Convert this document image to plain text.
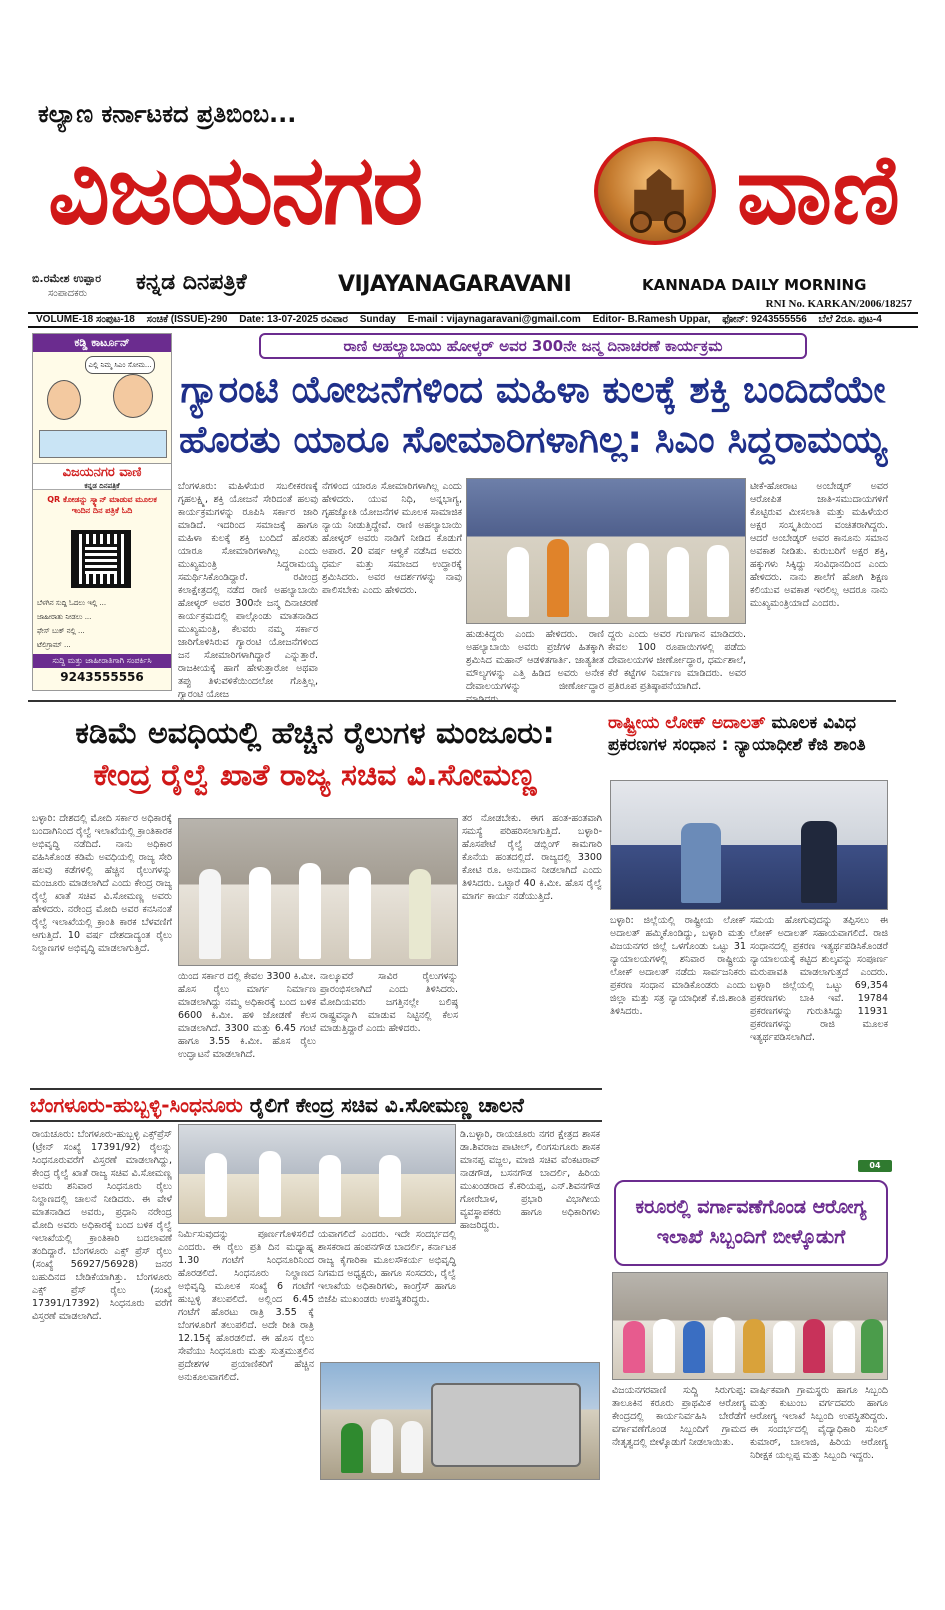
ಕಲ್ಯಾಣ ಕರ್ನಾಟಕದ ಪ್ರತಿಬಿಂಬ...
ವಿಜಯನಗರ	ವಾಣಿ
ಬಿ.ರಮೇಶ ಉಪ್ಪಾರ
ಸಂಪಾದಕರು ಕನ್ನಡ ದಿನಪತ್ರಿಕೆ	VIJAYANAGARAVANI	KANNADA DAILY MORNING
RNI No. KARKAN/2006/18257
VOLUME-18 ಸಂಪುಟ-18 ಸಂಚಿಕೆ (ISSUE)-290 Date: 13-07-2025 ರವಿವಾರ Sunday E-mail : vijaynagaravani@gmail.com Editor- B.Ramesh Uppar, ಫೋನ್: 9243555556 ಬೆಲೆ 2ರೂ. ಪುಟ-4
ಕಡ್ಡಿ ಕಾರ್ಟೂನ್
ಎಲ್ಲಿ ನಿಮ್ಮ ಸಿಎಂ ಸೋಮ...
ವಿಜಯನಗರ ವಾಣಿ
ಕನ್ನಡ ದಿನಪತ್ರಿಕೆ
QR ಕೋಡನ್ನು ಸ್ಕ್ಯಾನ್ ಮಾಡುವ ಮೂಲಕ ಇಂದಿನ ದಿನ ಪತ್ರಿಕೆ ಓದಿ
ಬೆಳಗಿನ ಸುದ್ದಿ ಓದಲು ಇಲ್ಲಿ ...
ಜಾಹೀರಾತು ನೀಡಲು ...
ಫೇಸ್ ಬುಕ್ ನಲ್ಲಿ ...
ಟೆಲಿಗ್ರಾಮ್ ...
ಸುದ್ದಿ ಮತ್ತು ಜಾಹೀರಾತಿಗಾಗಿ ಸಂಪರ್ಕಿಸಿ
9243555556
ರಾಣಿ ಅಹಲ್ಯಾಬಾಯಿ ಹೋಳ್ಕರ್ ಅವರ 300ನೇ ಜನ್ಮ ದಿನಾಚರಣೆ ಕಾರ್ಯಕ್ರಮ
ಗ್ಯಾರಂಟಿ ಯೋಜನೆಗಳಿಂದ ಮಹಿಳಾ ಕುಲಕ್ಕೆ ಶಕ್ತಿ ಬಂದಿದೆಯೇ
ಹೊರತು ಯಾರೂ ಸೋಮಾರಿಗಳಾಗಿಲ್ಲ: ಸಿಎಂ ಸಿದ್ದರಾಮಯ್ಯ
ಬೆಂಗಳೂರು: ಮಹಿಳೆಯರ ಸಬಲೀಕರಣಕ್ಕೆ ಗೃಹಲಕ್ಷ್ಮಿ, ಶಕ್ತಿ ಯೋಜನೆ ಸೇರಿದಂತೆ ಹಲವು ಕಾರ್ಯಕ್ರಮಗಳನ್ನು ರೂಪಿಸಿ ಸರ್ಕಾರ ಜಾರಿ ಮಾಡಿದೆ. ಇದರಿಂದ ಸಮಾಜಕ್ಕೆ ಹಾಗೂ ಮಹಿಳಾ ಕುಲಕ್ಕೆ ಶಕ್ತಿ ಬಂದಿದೆ ಹೊರತು ಯಾರೂ ಸೋಮಾರಿಗಳಾಗಿಲ್ಲ ಎಂದು ಮುಖ್ಯಮಂತ್ರಿ ಸಿದ್ದರಾಮಯ್ಯ ಸಮರ್ಥಿಸಿಕೊಂಡಿದ್ದಾರೆ. ರವೀಂದ್ರ ಕಲಾಕ್ಷೇತ್ರದಲ್ಲಿ ನಡೆದ ರಾಣಿ ಅಹಲ್ಯಾಬಾಯಿ ಹೋಳ್ಕರ್ ಅವರ 300ನೇ ಜನ್ಮ ದಿನಾಚರಣೆ ಕಾರ್ಯಕ್ರಮದಲ್ಲಿ ಪಾಲ್ಗೊಂಡು ಮಾತನಾಡಿದ ಮುಖ್ಯಮಂತ್ರಿ, ಕೆಲವರು ನಮ್ಮ ಸರ್ಕಾರ ಜಾರಿಗೊಳಿಸಿರುವ ಗ್ಯಾರಂಟಿ ಯೋಜನೆಗಳಿಂದ ಜನ ಸೋಮಾರಿಗಳಾಗಿದ್ದಾರೆ ಎನ್ನುತ್ತಾರೆ. ರಾಜಕೀಯಕ್ಕೆ ಹಾಗೆ ಹೇಳುತ್ತಾರೋ ಅಥವಾ ತಪ್ಪು ತಿಳುವಳಿಕೆಯಿಂದಲೋ ಗೊತ್ತಿಲ್ಲ, ಗ್ಯಾರಂಟಿ ಯೋಜ
ನೆಗಳಿಂದ ಯಾರೂ ಸೋಮಾರಿಗಳಾಗಿಲ್ಲ ಎಂದು ಹೇಳಿದರು. ಯುವ ನಿಧಿ, ಅನ್ನಭಾಗ್ಯ, ಗೃಹಜ್ಯೋತಿ ಯೋಜನೆಗಳ ಮೂಲಕ ಸಾಮಾಜಿಕ ನ್ಯಾಯ ನೀಡುತ್ತಿದ್ದೇವೆ. ರಾಣಿ ಅಹಲ್ಯಾಬಾಯಿ ಹೋಳ್ಕರ್ ಅವರು ನಾಡಿಗೆ ನೀಡಿದ ಕೊಡುಗೆ ಅಪಾರ. 20 ವರ್ಷ ಆಳ್ವಿಕೆ ನಡೆಸಿದ ಅವರು ಧರ್ಮ ಮತ್ತು ಸಮಾಜದ ಉದ್ಧಾರಕ್ಕೆ ಶ್ರಮಿಸಿದರು. ಅವರ ಆದರ್ಶಗಳನ್ನು ನಾವು ಪಾಲಿಸಬೇಕು ಎಂದು ಹೇಳಿದರು.
ಹುಡುಕಿದ್ದರು ಎಂದು ಹೇಳಿದರು. ರಾಣಿ ಅಹಲ್ಯಾಬಾಯಿ ಅವರು ಪ್ರಜೆಗಳ ಹಿತಕ್ಕಾಗಿ ಶ್ರಮಿಸಿದ ಮಹಾನ್ ಆಡಳಿತಗಾರ್ತಿ. ಜಾತ್ಯತೀತ ಮೌಲ್ಯಗಳನ್ನು ಎತ್ತಿ ಹಿಡಿದ ಅವರು ಅನೇಕ ದೇವಾಲಯಗಳನ್ನು ಜೀರ್ಣೋದ್ಧಾರ
ದ್ದರು ಎಂದು ಅವರ ಗುಣಗಾನ ಮಾಡಿದರು. ಕೇವಲ 100 ರೂಪಾಯಿಗಳಲ್ಲಿ ಪಡೆದು ದೇವಾಲಯಗಳ ಜೀರ್ಣೋದ್ಧಾರ, ಧರ್ಮಶಾಲೆ, ಕೆರೆ ಕಟ್ಟೆಗಳ ನಿರ್ಮಾಣ ಮಾಡಿದರು. ಅವರ ಪ್ರತಿರೂಪ ಪ್ರತಿಷ್ಠಾಪನೆಯಾಗಿದೆ.
ಟೀಕೆ-ಹೋರಾಟ ಅಂಬೇಡ್ಕರ್ ಅವರ ಆರೋಪಿತ ಜಾತಿ-ಸಮುದಾಯಗಳಿಗೆ ಕೊಟ್ಟಿರುವ ಮೀಸಲಾತಿ ಮತ್ತು ಮಹಿಳೆಯರ ಅಕ್ಷರ ಸಂಸ್ಕೃತಿಯಿಂದ ವಂಚಿತರಾಗಿದ್ದರು. ಆದರೆ ಅಂಬೇಡ್ಕರ್ ಅವರ ಕಾನೂನು ಸಮಾನ ಅವಕಾಶ ನೀಡಿತು. ಕುರುಬರಿಗೆ ಅಕ್ಷರ ಶಕ್ತಿ, ಹಕ್ಕುಗಳು ಸಿಕ್ಕಿದ್ದು ಸಂವಿಧಾನದಿಂದ ಎಂದು ಹೇಳಿದರು. ನಾನು ಶಾಲೆಗೆ ಹೋಗಿ ಶಿಕ್ಷಣ ಕಲಿಯುವ ಅವಕಾಶ ಇರಲಿಲ್ಲ ಆದರೂ ನಾನು ಮುಖ್ಯಮಂತ್ರಿಯಾದೆ ಎಂದರು.
ಕಡಿಮೆ ಅವಧಿಯಲ್ಲಿ ಹೆಚ್ಚಿನ ರೈಲುಗಳ ಮಂಜೂರು:
ಕೇಂದ್ರ ರೈಲ್ವೆ ಖಾತೆ ರಾಜ್ಯ ಸಚಿವ ವಿ.ಸೋಮಣ್ಣ
ಬಳ್ಳಾರಿ: ದೇಶದಲ್ಲಿ ಮೋದಿ ಸರ್ಕಾರ ಅಧಿಕಾರಕ್ಕೆ ಬಂದಾಗಿನಿಂದ ರೈಲ್ವೆ ಇಲಾಖೆಯಲ್ಲಿ ಕ್ರಾಂತಿಕಾರಕ ಅಭಿವೃದ್ಧಿ ನಡೆದಿದೆ. ನಾನು ಅಧಿಕಾರ ವಹಿಸಿಕೊಂಡ ಕಡಿಮೆ ಅವಧಿಯಲ್ಲಿ ರಾಜ್ಯ ಸೇರಿ ಹಲವು ಕಡೆಗಳಲ್ಲಿ ಹೆಚ್ಚಿನ ರೈಲುಗಳನ್ನು ಮಂಜೂರು ಮಾಡಲಾಗಿದೆ ಎಂದು ಕೇಂದ್ರ ರಾಜ್ಯ ರೈಲ್ವೆ ಖಾತೆ ಸಚಿವ ವಿ.ಸೋಮಣ್ಣ ಅವರು ಹೇಳಿದರು. ನರೇಂದ್ರ ಮೋದಿ ಅವರ ಕನಸಿನಂತೆ ರೈಲ್ವೆ ಇಲಾಖೆಯಲ್ಲಿ ಕ್ರಾಂತಿ ಕಾರಕ ಬೆಳವಣಿಗೆ ಆಗುತ್ತಿದೆ. 10 ವರ್ಷ ದೇಶದಾದ್ಯಂತ ರೈಲು ನಿಲ್ದಾಣಗಳ ಅಭಿವೃದ್ಧಿ ಮಾಡಲಾಗುತ್ತಿದೆ.
ಯಿಂದ ಸರ್ಕಾರ ದಲ್ಲಿ ಕೇವಲ 3300 ಕಿ.ಮೀ. ಹೊಸ ರೈಲು ಮಾರ್ಗ ನಿರ್ಮಾಣ ಮಾಡಲಾಗಿದ್ದು ನಮ್ಮ ಅಧಿಕಾರಕ್ಕೆ ಬಂದ ಬಳಿಕ 6600 ಕಿ.ಮೀ. ಹಳಿ ಜೋಡಣೆ ಕೆಲಸ ಮಾಡಲಾಗಿದೆ. 3300 ಮತ್ತು 6.45 ಗಂಟೆ ಹಾಗೂ 3.55 ಕಿ.ಮೀ. ಹೊಸ ರೈಲು ಉದ್ಘಾಟನೆ ಮಾಡಲಾಗಿದೆ.
ನಾಲ್ಕೂವರೆ ಸಾವಿರ ರೈಲುಗಳನ್ನು ಪ್ರಾರಂಭಿಸಲಾಗಿದೆ ಎಂದು ತಿಳಿಸಿದರು. ಮೋದಿಯವರು ಜಗತ್ತಿನಲ್ಲೇ ಬಲಿಷ್ಠ ರಾಷ್ಟ್ರವನ್ನಾಗಿ ಮಾಡುವ ನಿಟ್ಟಿನಲ್ಲಿ ಕೆಲಸ ಮಾಡುತ್ತಿದ್ದಾರೆ ಎಂದು ಹೇಳಿದರು.
ತರ ನೋಡಬೇಕು. ಈಗ ಹಂತ-ಹಂತವಾಗಿ ಸಮಸ್ಯೆ ಪರಿಹರಿಸಲಾಗುತ್ತಿದೆ. ಬಳ್ಳಾರಿ-ಹೊಸಪೇಟೆ ರೈಲ್ವೆ ಡಬ್ಲಿಂಗ್ ಕಾಮಗಾರಿ ಕೊನೆಯ ಹಂತದಲ್ಲಿದೆ. ರಾಜ್ಯದಲ್ಲಿ 3300 ಕೋಟಿ ರೂ. ಅನುದಾನ ನೀಡಲಾಗಿದೆ ಎಂದು ತಿಳಿಸಿದರು. ಒಟ್ಟಾರೆ 40 ಕಿ.ಮೀ. ಹೊಸ ರೈಲ್ವೆ ಮಾರ್ಗ ಕಾರ್ಯ ನಡೆಯುತ್ತಿದೆ.
ರಾಷ್ಟ್ರೀಯ ಲೋಕ್ ಅದಾಲತ್ ಮೂಲಕ ವಿವಿಧ ಪ್ರಕರಣಗಳ ಸಂಧಾನ : ನ್ಯಾಯಾಧೀಶೆ ಕೆಜಿ ಶಾಂತಿ
ಬಳ್ಳಾರಿ: ಜಿಲ್ಲೆಯಲ್ಲಿ ರಾಷ್ಟ್ರೀಯ ಲೋಕ್ ಅದಾಲತ್ ಹಮ್ಮಿಕೊಂಡಿದ್ದು, ಬಳ್ಳಾರಿ ಮತ್ತು ವಿಜಯನಗರ ಜಿಲ್ಲೆ ಒಳಗೊಂಡು ಒಟ್ಟು 31 ನ್ಯಾಯಾಲಯಗಳಲ್ಲಿ ಶನಿವಾರ ರಾಷ್ಟ್ರೀಯ ಲೋಕ್ ಅದಾಲತ್ ನಡೆದು ಸಾರ್ವಜನಿಕರು ಪ್ರಕರಣ ಸಂಧಾನ ಮಾಡಿಕೊಂಡರು ಎಂದು ಜಿಲ್ಲಾ ಮತ್ತು ಸತ್ರ ನ್ಯಾಯಾಧೀಶೆ ಕೆ.ಜಿ.ಶಾಂತಿ ತಿಳಿಸಿದರು.
ಸಮಯ ಹೋಗುವುದನ್ನು ತಪ್ಪಿಸಲು ಈ ಲೋಕ್ ಅದಾಲತ್ ಸಹಾಯವಾಗಲಿದೆ. ರಾಜಿ ಸಂಧಾನದಲ್ಲಿ ಪ್ರಕರಣ ಇತ್ಯರ್ಥಪಡಿಸಿಕೊಂಡರೆ ನ್ಯಾಯಾಲಯಕ್ಕೆ ಕಟ್ಟಿದ ಶುಲ್ಕವನ್ನು ಸಂಪೂರ್ಣ ಮರುಪಾವತಿ ಮಾಡಲಾಗುತ್ತದೆ ಎಂದರು. ಬಳ್ಳಾರಿ ಜಿಲ್ಲೆಯಲ್ಲಿ ಒಟ್ಟು 69,354 ಪ್ರಕರಣಗಳು ಬಾಕಿ ಇವೆ. 19784 ಪ್ರಕರಣಗಳನ್ನು ಗುರುತಿಸಿದ್ದು 11931 ಪ್ರಕರಣಗಳನ್ನು ರಾಜಿ ಮೂಲಕ ಇತ್ಯರ್ಥಪಡಿಸಲಾಗಿದೆ.
04
ಬೆಂಗಳೂರು-ಹುಬ್ಬಳ್ಳಿ-ಸಿಂಧನೂರು ರೈಲಿಗೆ ಕೇಂದ್ರ ಸಚಿವ ವಿ.ಸೋಮಣ್ಣ ಚಾಲನೆ
ರಾಯಚೂರು: ಬೆಂಗಳೂರು-ಹುಬ್ಬಳ್ಳಿ ಎಕ್ಸ್‌ಪ್ರೆಸ್ (ಟ್ರೇನ್ ಸಂಖ್ಯೆ 17391/92) ರೈಲನ್ನು ಸಿಂಧನೂರುವರೆಗೆ ವಿಸ್ತರಣೆ ಮಾಡಲಾಗಿದ್ದು, ಕೇಂದ್ರ ರೈಲ್ವೆ ಖಾತೆ ರಾಜ್ಯ ಸಚಿವ ವಿ.ಸೋಮಣ್ಣ ಅವರು ಶನಿವಾರ ಸಿಂಧನೂರು ರೈಲು ನಿಲ್ದಾಣದಲ್ಲಿ ಚಾಲನೆ ನೀಡಿದರು. ಈ ವೇಳೆ ಮಾತನಾಡಿದ ಅವರು, ಪ್ರಧಾನಿ ನರೇಂದ್ರ ಮೋದಿ ಅವರು ಅಧಿಕಾರಕ್ಕೆ ಬಂದ ಬಳಿಕ ರೈಲ್ವೆ ಇಲಾಖೆಯಲ್ಲಿ ಕ್ರಾಂತಿಕಾರಿ ಬದಲಾವಣೆ ತಂದಿದ್ದಾರೆ. ಬೆಂಗಳೂರು ಎಕ್ಸ್ ಪ್ರೆಸ್ ರೈಲು (ಸಂಖ್ಯೆ 56927/56928) ಜನರ ಬಹುದಿನದ ಬೇಡಿಕೆಯಾಗಿತ್ತು. ಬೆಂಗಳೂರು ಎಕ್ಸ್ ಪ್ರೆಸ್ ರೈಲು (ಸಂಖ್ಯೆ 17391/17392) ಸಿಂಧನೂರು ವರೆಗೆ ವಿಸ್ತರಣೆ ಮಾಡಲಾಗಿದೆ.
ನಿರ್ಮಿಸುವುದನ್ನು ಪೂರ್ಣಗೊಳಿಸಲಿದೆ ಎಂದರು. ಈ ರೈಲು ಪ್ರತಿ ದಿನ ಮಧ್ಯಾಹ್ನ 1.30 ಗಂಟೆಗೆ ಸಿಂಧನೂರಿನಿಂದ ಹೊರಡಲಿದೆ. ಸಿಂಧನೂರು ನಿಲ್ದಾಣದ ಅಭಿವೃದ್ಧಿ ಮೂಲಕ ಸಂಖ್ಯೆ 6 ಗಂಟೆಗೆ ಹುಬ್ಬಳ್ಳಿ ತಲುಪಲಿದೆ. ಅಲ್ಲಿಂದ 6.45 ಗಂಟೆಗೆ ಹೊರಟು ರಾತ್ರಿ 3.55 ಕ್ಕೆ ಬೆಂಗಳೂರಿಗೆ ತಲುಪಲಿದೆ. ಅದೇ ರೀತಿ ರಾತ್ರಿ 12.15ಕ್ಕೆ ಹೊರಡಲಿದೆ. ಈ ಹೊಸ ರೈಲು ಸೇವೆಯು ಸಿಂಧನೂರು ಮತ್ತು ಸುತ್ತಮುತ್ತಲಿನ ಪ್ರದೇಶಗಳ ಪ್ರಯಾಣಿಕರಿಗೆ ಹೆಚ್ಚಿನ ಅನುಕೂಲವಾಗಲಿದೆ.
ಯವಾಗಲಿದೆ ಎಂದರು. ಇದೇ ಸಂದರ್ಭದಲ್ಲಿ ಶಾಸಕರಾದ ಹಂಪನಗೌಡ ಬಾದರ್ಲಿ, ಕರ್ನಾಟಕ ರಾಜ್ಯ ಕೈಗಾರಿಕಾ ಮೂಲಸೌಕರ್ಯ ಅಭಿವೃದ್ಧಿ ನಿಗಮದ ಅಧ್ಯಕ್ಷರು, ಹಾಗೂ ಸಂಸದರು, ರೈಲ್ವೆ ಇಲಾಖೆಯ ಅಧಿಕಾರಿಗಳು, ಕಾಂಗ್ರೆಸ್ ಹಾಗೂ ಬಿಜೆಪಿ ಮುಖಂಡರು ಉಪಸ್ಥಿತರಿದ್ದರು.
ಡಿ.ಬಳ್ಳಾರಿ, ರಾಯಚೂರು ನಗರ ಕ್ಷೇತ್ರದ ಶಾಸಕ ಡಾ.ಶಿವರಾಜ ಪಾಟೀಲ್, ಲಿಂಗಸುಗೂರು ಶಾಸಕ ಮಾನಪ್ಪ ವಜ್ಜಲ, ಮಾಜಿ ಸಚಿವ ವೆಂಕಟರಾವ್ ನಾಡಗೌಡ, ಬಸನಗೌಡ ಬಾದರ್ಲಿ, ಹಿರಿಯ ಮುಖಂಡರಾದ ಕೆ.ಕರಿಯಪ್ಪ, ಎನ್.ಶಿವನಗೌಡ ಗೋರೆಬಾಳ, ಪ್ರಭಾರಿ ವಿಭಾಗೀಯ ವ್ಯವಸ್ಥಾಪಕರು ಹಾಗೂ ಅಧಿಕಾರಿಗಳು ಹಾಜರಿದ್ದರು.
ಕರೂರಲ್ಲಿ ವರ್ಗಾವಣೆಗೊಂಡ ಆರೋಗ್ಯ ಇಲಾಖೆ ಸಿಬ್ಬಂದಿಗೆ ಬೀಳ್ಕೊಡುಗೆ
ವಿಜಯನಗರವಾಣಿ ಸುದ್ದಿ ಸಿರುಗುಪ್ಪ: ತಾಲೂಕಿನ ಕರೂರು ಪ್ರಾಥಮಿಕ ಆರೋಗ್ಯ ಕೇಂದ್ರದಲ್ಲಿ ಕಾರ್ಯನಿರ್ವಹಿಸಿ ಬೇರೆಡೆಗೆ ವರ್ಗಾವಣೆಗೊಂಡ ಸಿಬ್ಬಂದಿಗೆ ಗ್ರಾಮದ ನೇತೃತ್ವದಲ್ಲಿ ಬೀಳ್ಕೊಡುಗೆ ನೀಡಲಾಯಿತು.
ವಾರ್ಷಿಕವಾಗಿ ಗ್ರಾಮಸ್ಥರು ಹಾಗೂ ಸಿಬ್ಬಂದಿ ಮತ್ತು ಕುಟುಂಬ ವರ್ಗದವರು ಹಾಗೂ ಆರೋಗ್ಯ ಇಲಾಖೆ ಸಿಬ್ಬಂದಿ ಉಪಸ್ಥಿತರಿದ್ದರು. ಈ ಸಂದರ್ಭದಲ್ಲಿ ವೈದ್ಯಾಧಿಕಾರಿ ಸುನಿಲ್ ಕುಮಾರ್, ಬಾಲಾಜಿ, ಹಿರಿಯ ಆರೋಗ್ಯ ನಿರೀಕ್ಷಕ ಯಲ್ಲಪ್ಪ ಮತ್ತು ಸಿಬ್ಬಂದಿ ಇದ್ದರು.
